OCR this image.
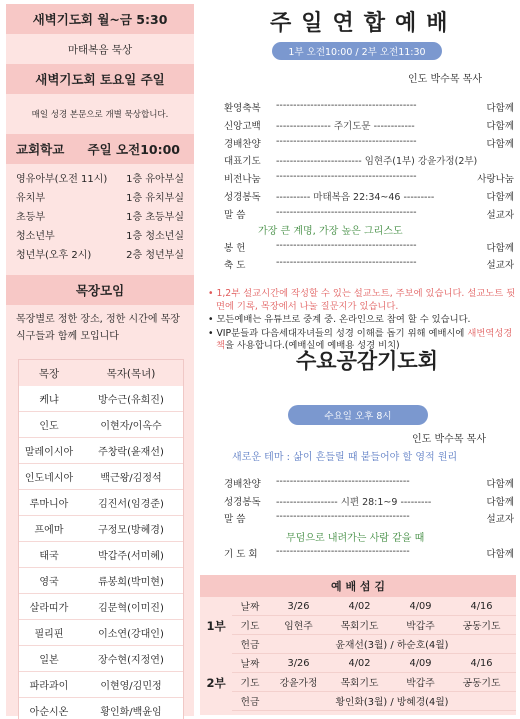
새벽기도회 월~금 5:30
마태복음 묵상
새벽기도회 토요일 주일
매일 성경 본문으로 개별 묵상합니다.
교회학교 주일 오전10:00
영유아부(오전 11시) 1층 유아부실
유치부	1층 유치부실
초등부	1층 초등부실
청소년부	1층 청소년실
청년부(오후 2시)	2층 청년부실
목장모임
목장별로 정한 장소, 정한 시간에 목장식구들과 함께 모입니다
목장	목자(목녀)
케냐	방수근(유희진)
인도	이현자/이옥수
말레이시아	주창락(윤재선)
인도네시아	백근왕/김정석
루마니아	김진서(임경준)
프에마	구정모(방혜경)
태국	박갑주(서미혜)
영국	류봉희(박미현)
살라띠가	김문혁(이미진)
필리핀	이소연(강대인)
일본	장수현(지정연)
파라과이	이현영/김민정
아순시온	황인화/백윤임
주일연합예배
1부 오전10:00 / 2부 오전11:30
인도 박수목 목사
환영축복	-----------------------------------------	다함께
신앙고백	---------------- 주기도문 ------------	다함께
경배찬양	-----------------------------------------	다함께
대표기도	------------------------- 임현주(1부) 강윤가정(2부)
비전나눔	-----------------------------------------	사랑나눔
성경봉독	---------- 마태복음 22:34~46 ---------	다함께
말 씀	-----------------------------------------	설교자
가장 큰 계명, 가장 높은 그리스도
봉 헌	-----------------------------------------	다함께
축 도	-----------------------------------------	설교자

• 1,2부 설교시간에 작성할 수 있는 설교노트, 주보에 있습니다. 설교노트 뒷면에 기록, 목장에서 나눌 질문지가 있습니다.

• 모든예배는 유튜브로 중계 중. 온라인으로 참여 할 수 있습니다.

• VIP분들과 다음세대자녀들의 성경 이해를 돕기 위해 예배시에 새번역성경책을 사용합니다.(예배실에 예배용 성경 비치)

수요공감기도회
수요일 오후 8시
인도 박수목 목사
새로운 테마 : 삶이 흔들릴 때 붙들어야 할 영적 원리
경배찬양	---------------------------------------	다함께
성경봉독	------------------ 시편 28:1~9 ---------	다함께
말 씀	---------------------------------------	설교자
무덤으로 내려가는 사람 같을 때
기 도 회	---------------------------------------	다함께
예 배 섬 김
1부
날짜	3/26	4/02	4/09	4/16
기도	임현주	목회기도	박갑주	공동기도
헌금	윤재선(3월) / 하순호(4월)
2부
날짜	3/26	4/02	4/09	4/16
기도	강윤가정	목회기도	박갑주	공동기도
헌금	황인화(3월) / 방혜경(4월)
